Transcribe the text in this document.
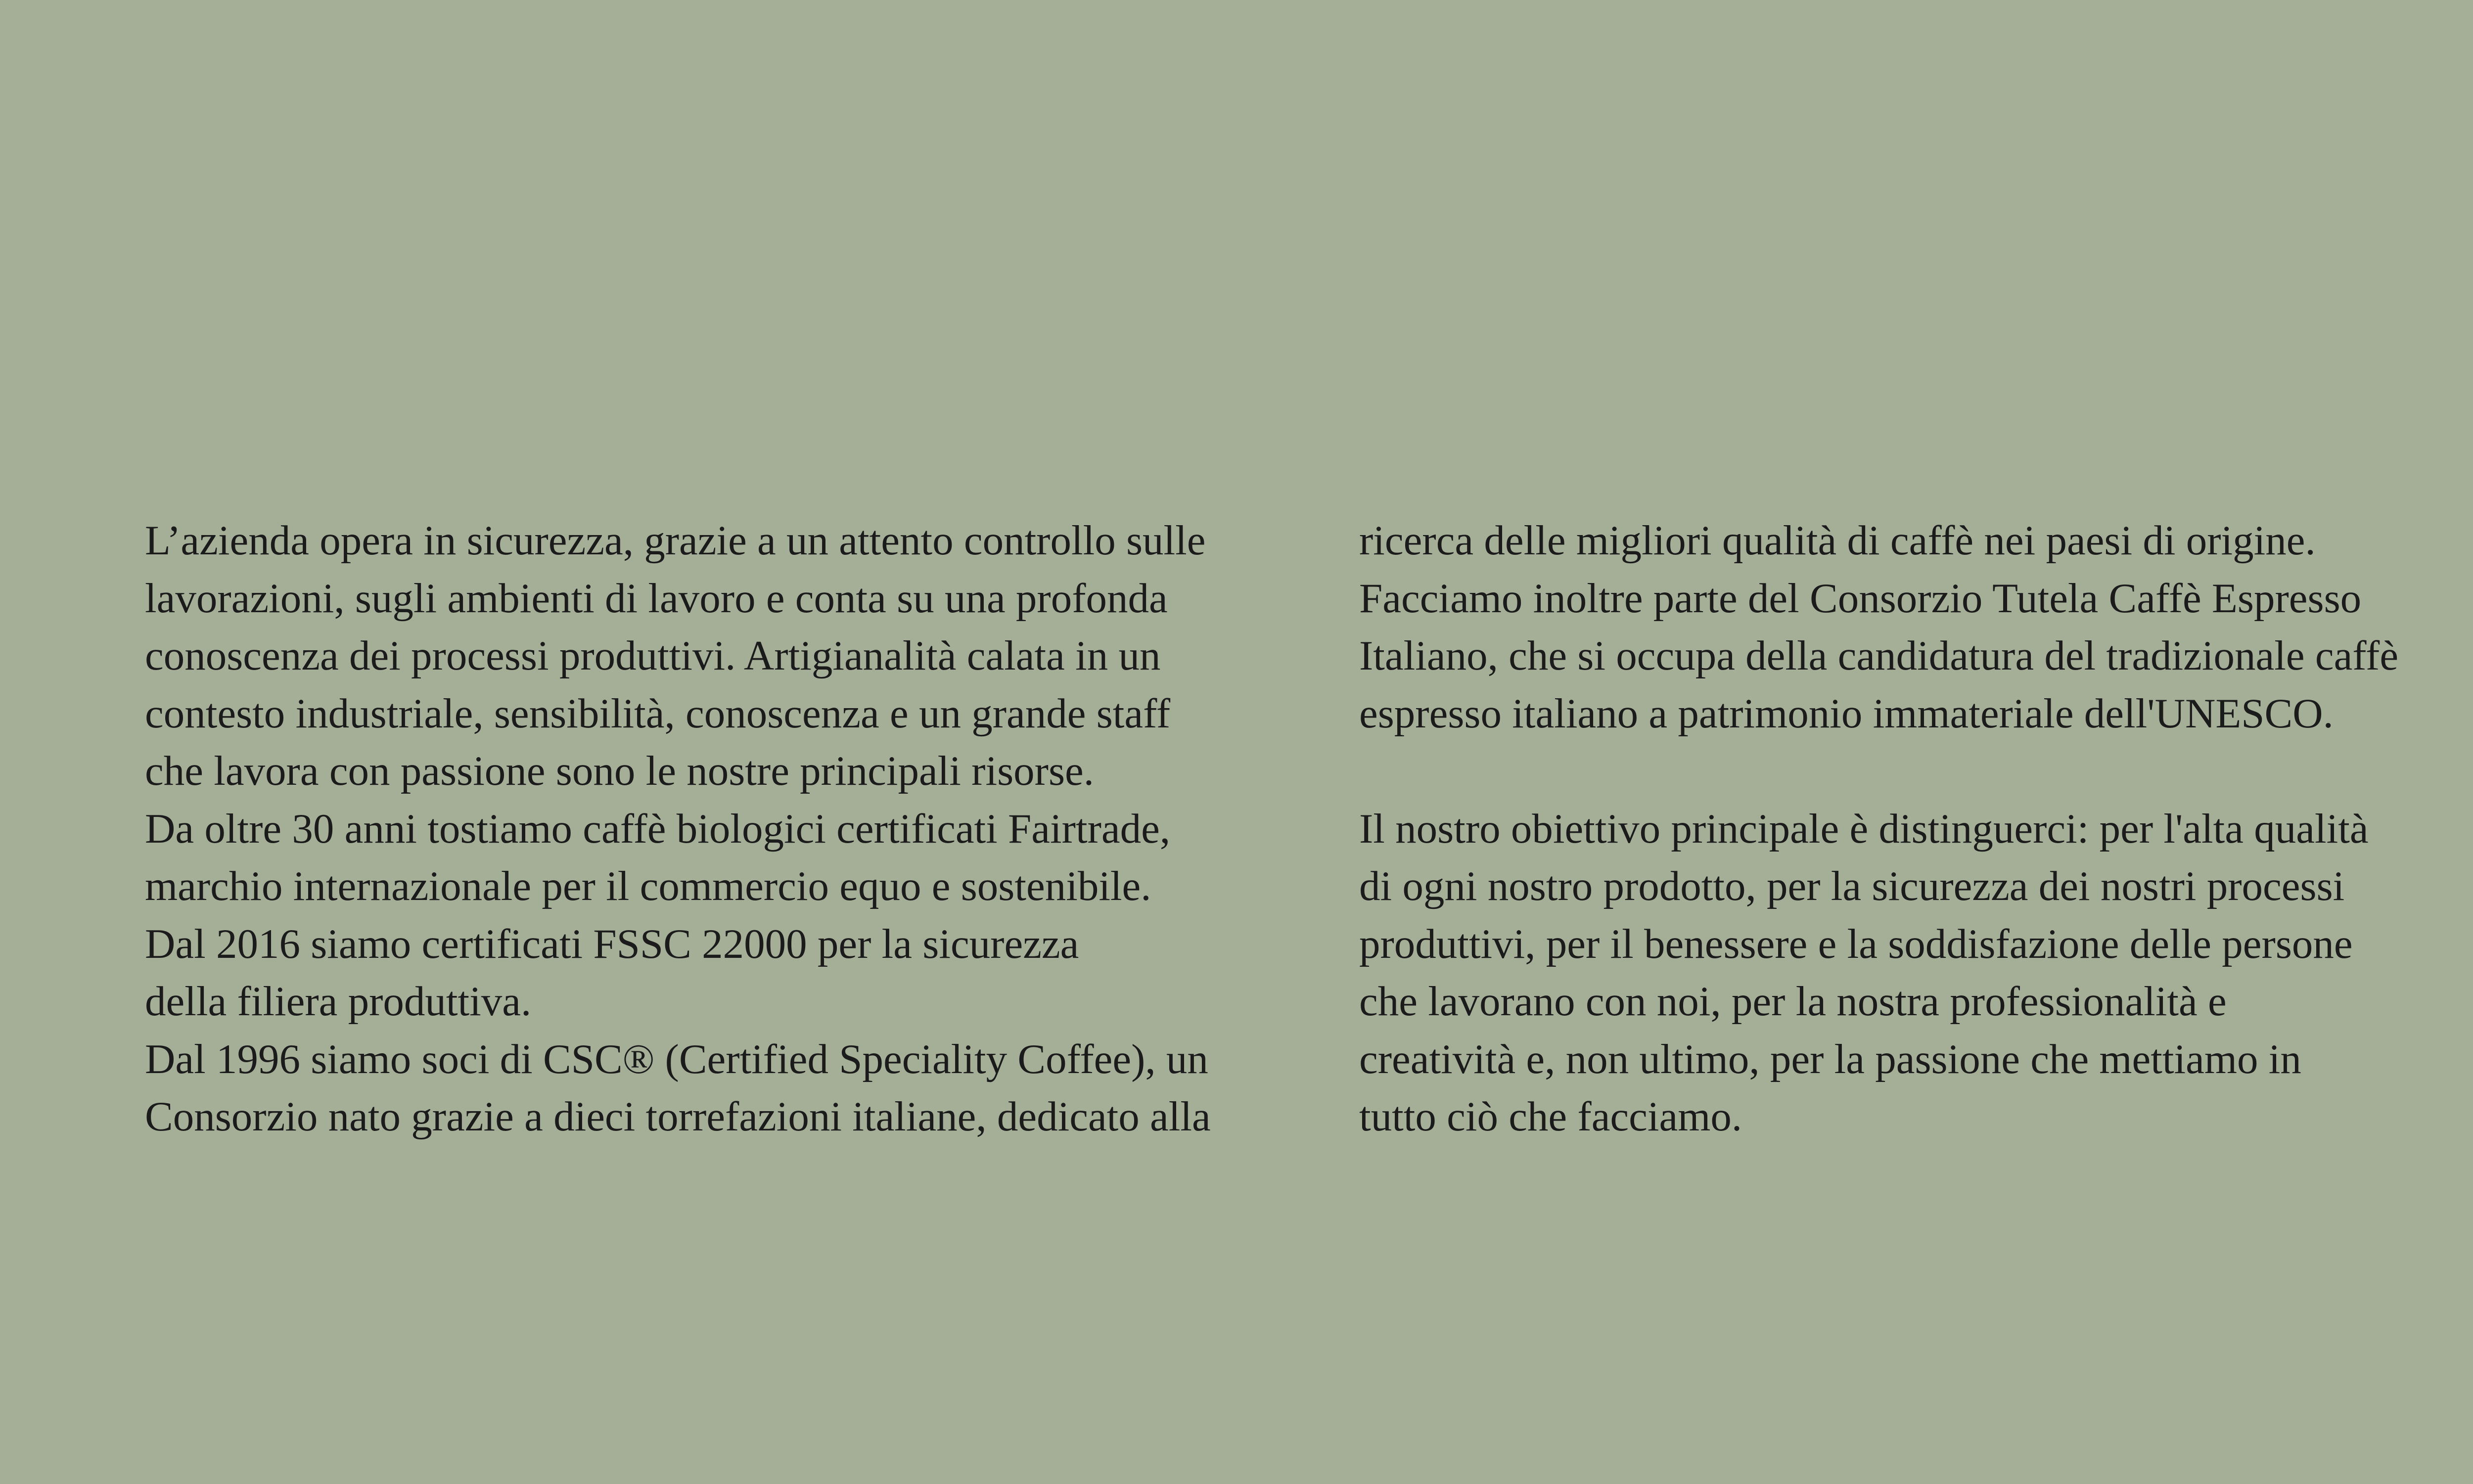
L’azienda opera in sicurezza, grazie a un attento controllo sulle
lavorazioni, sugli ambienti di lavoro e conta su una profonda
conoscenza dei processi produttivi. Artigianalità calata in un
contesto industriale, sensibilità, conoscenza e un grande staff
che lavora con passione sono le nostre principali risorse.
Da oltre 30 anni tostiamo caffè biologici certificati Fairtrade,
marchio internazionale per il commercio equo e sostenibile.
Dal 2016 siamo certificati FSSC 22000 per la sicurezza
della filiera produttiva.
Dal 1996 siamo soci di CSC® (Certified Speciality Coffee), un
Consorzio nato grazie a dieci torrefazioni italiane, dedicato alla
ricerca delle migliori qualità di caffè nei paesi di origine.
Facciamo inoltre parte del Consorzio Tutela Caffè Espresso
Italiano, che si occupa della candidatura del tradizionale caffè
espresso italiano a patrimonio immateriale dell'UNESCO.
Il nostro obiettivo principale è distinguerci: per l'alta qualità
di ogni nostro prodotto, per la sicurezza dei nostri processi
produttivi, per il benessere e la soddisfazione delle persone
che lavorano con noi, per la nostra professionalità e
creatività e, non ultimo, per la passione che mettiamo in
tutto ciò che facciamo.
